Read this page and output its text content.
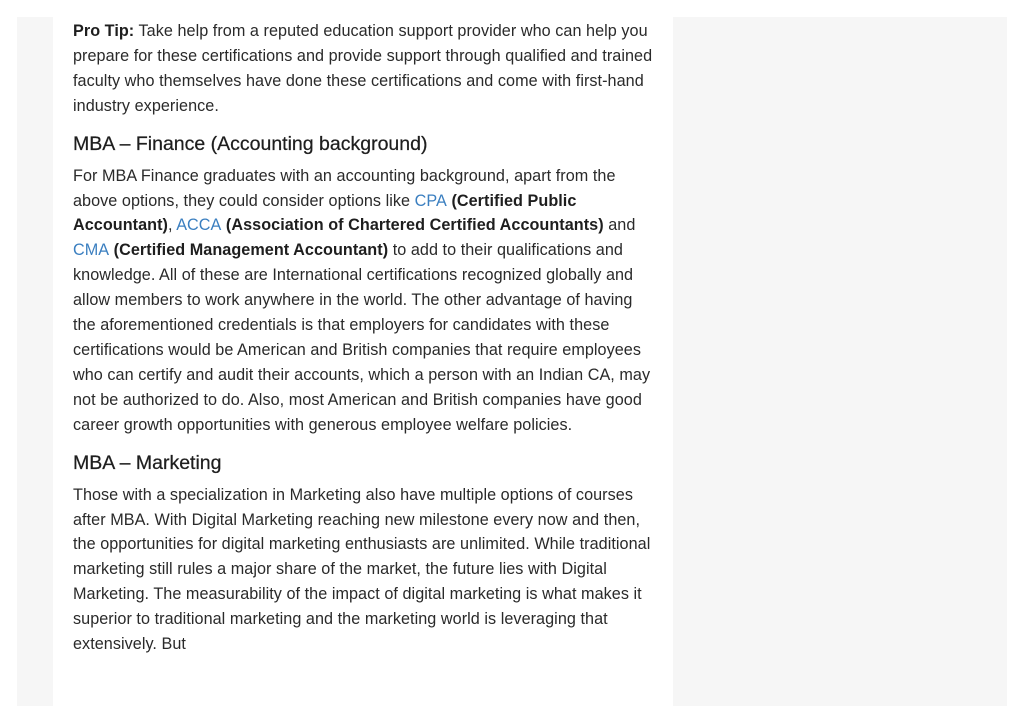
Pro Tip: Take help from a reputed education support provider who can help you prepare for these certifications and provide support through qualified and trained faculty who themselves have done these certifications and come with first-hand industry experience.

MBA – Finance (Accounting background)

For MBA Finance graduates with an accounting background, apart from the above options, they could consider options like CPA (Certified Public Accountant), ACCA (Association of Chartered Certified Accountants) and CMA (Certified Management Accountant) to add to their qualifications and knowledge. All of these are International certifications recognized globally and allow members to work anywhere in the world. The other advantage of having the aforementioned credentials is that employers for candidates with these certifications would be American and British companies that require employees who can certify and audit their accounts, which a person with an Indian CA, may not be authorized to do. Also, most American and British companies have good career growth opportunities with generous employee welfare policies.

MBA – Marketing

Those with a specialization in Marketing also have multiple options of courses after MBA. With Digital Marketing reaching new milestone every now and then, the opportunities for digital marketing enthusiasts are unlimited. While traditional marketing still rules a major share of the market, the future lies with Digital Marketing. The measurability of the impact of digital marketing is what makes it superior to traditional marketing and the marketing world is leveraging that extensively. But
